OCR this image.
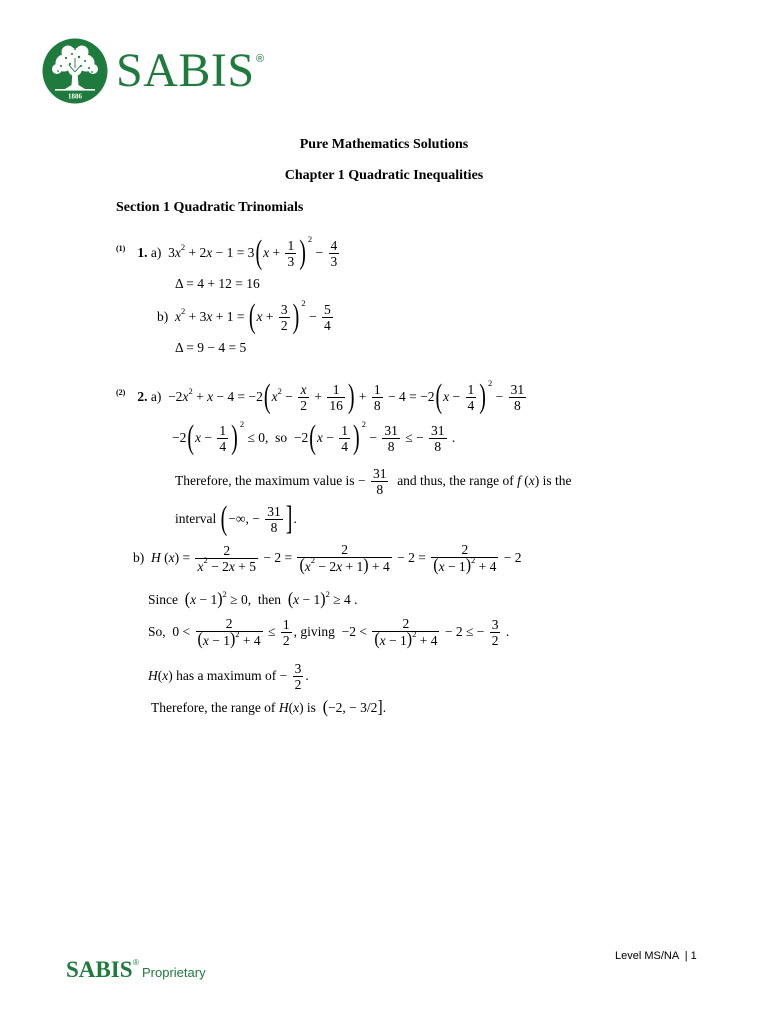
1886 SABIS ®
Pure Mathematics Solutions
Chapter 1 Quadratic Inequalities
Section 1 Quadratic Trinomials
(1) 1. a)  3 x 2 + 2 x − 1 = 3 ( $x + \frac{1}{3}$ ) 2
− $\frac{4}{3}$
Δ = 4 + 12 = 16
b) x 2 + 3 x + 1 = ( $x + \frac{3}{2}$ ) 2
− $\frac{5}{4}$
Δ = 9 − 4 = 5
(2) 2. a)  −2 x 2 + x − 4 = −2 ( x $2 - \frac{x}{2} + \frac{1}{16}$ ) + $\frac{1}{8} - 4 = -2$ ( $x - \frac{1}{4}$ ) 2
− $\frac{31}{8}$
−2 ( $x - \frac{1}{4}$ ) 2
≤ 0,  so  −2 ( $x - \frac{1}{4}$ ) 2
− $\frac{31}{8}$ ≤ − $\frac{31}{8}$ .
Therefore, the maximum value is − $\frac{31}{8}$ and thus, the range of f ( x ) is the
interval ( −∞, − $\frac{31}{8}$ ] .
b) H ( x ) = $\frac{2}{x 2 - 2 x + 5} - 2 = \frac{2}{( x 2 - 2 x + 1 ) + 4} - 2 = \frac{2}{( x - 1 ) 2 + 4} - 2$
Since ( x − 1 ) 2 ≥ 0,  then ( x − 1 ) 2 ≥ 4 .
So,  $0 < \frac{2}{( x - 1 ) 2 + 4} \le \frac{1}{2}$ , giving  $-2 < \frac{2}{( x - 1 ) 2 + 4} - 2$ ≤ − $\frac{3}{2}$ .
H ( x ) has a maximum of − $\frac{3}{2}$ .
Therefore, the range of H ( x ) is ( −2, − 3/2 ] .
Level MS/NA | 1
SABIS ®
Proprietary
